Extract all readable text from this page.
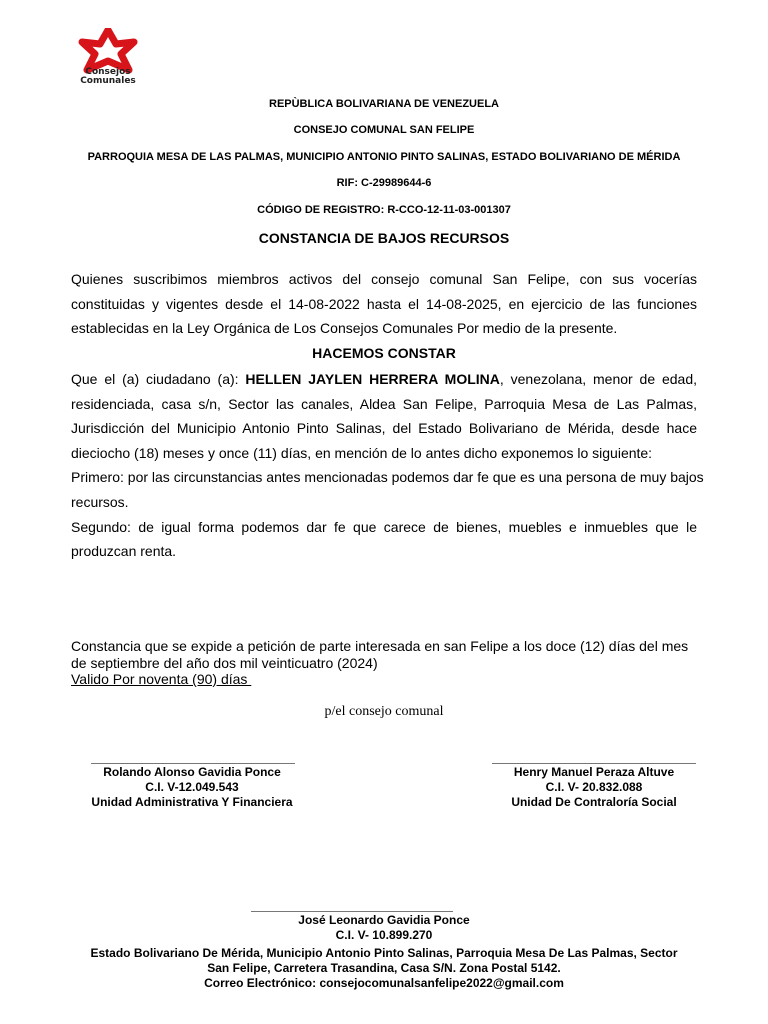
Consejos
Comunales
REPÙBLICA BOLIVARIANA DE VENEZUELA
CONSEJO COMUNAL SAN FELIPE
PARROQUIA MESA DE LAS PALMAS, MUNICIPIO ANTONIO PINTO SALINAS, ESTADO BOLIVARIANO DE MÉRIDA
RIF: C-29989644-6
CÓDIGO DE REGISTRO: R-CCO-12-11-03-001307
CONSTANCIA DE BAJOS RECURSOS
Quienes suscribimos miembros activos del consejo comunal San Felipe, con sus vocerías
constituidas y vigentes desde el 14-08-2022 hasta el 14-08-2025, en ejercicio de las funciones
establecidas en la Ley Orgánica de Los Consejos Comunales Por medio de la presente.
HACEMOS CONSTAR
Que el (a) ciudadano (a): HELLEN JAYLEN HERRERA MOLINA, venezolana, menor de edad,
residenciada, casa s/n, Sector las canales, Aldea San Felipe, Parroquia Mesa de Las Palmas,
Jurisdicción del Municipio Antonio Pinto Salinas, del Estado Bolivariano de Mérida, desde hace
dieciocho (18) meses y once (11) días, en mención de lo antes dicho exponemos lo siguiente:
Primero: por las circunstancias antes mencionadas podemos dar fe que es una persona de muy bajos
recursos.
Segundo: de igual forma podemos dar fe que carece de bienes, muebles e inmuebles que le
produzcan renta.
Constancia que se expide a petición de parte interesada en san Felipe a los doce (12) días del mes
de septiembre del año dos mil veinticuatro (2024)
Valido Por noventa (90) días
p/el consejo comunal
Rolando Alonso Gavidia Ponce
C.I. V-12.049.543
Unidad Administrativa Y Financiera
Henry Manuel Peraza Altuve
C.I. V- 20.832.088
Unidad De Contraloría Social
José Leonardo Gavidia Ponce
C.I. V- 10.899.270
Estado Bolivariano De Mérida, Municipio Antonio Pinto Salinas, Parroquia Mesa De Las Palmas, Sector
San Felipe, Carretera Trasandina, Casa S/N. Zona Postal 5142.
Correo Electrónico: consejocomunalsanfelipe2022@gmail.com
